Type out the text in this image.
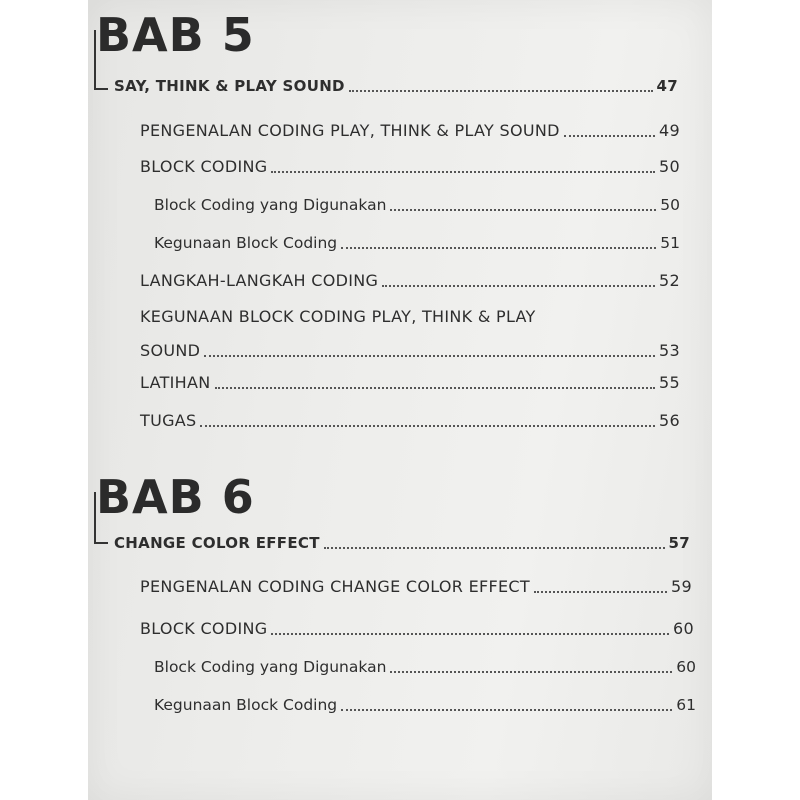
BAB 5
SAY, THINK & PLAY SOUND	47
PENGENALAN CODING PLAY, THINK & PLAY SOUND	49
BLOCK CODING	50
Block Coding yang Digunakan	50
Kegunaan Block Coding	51
LANGKAH-LANGKAH CODING	52
KEGUNAAN BLOCK CODING PLAY, THINK & PLAY
SOUND	53
LATIHAN	55
TUGAS	56
BAB 6
CHANGE COLOR EFFECT	57
PENGENALAN CODING CHANGE COLOR EFFECT	59
BLOCK CODING	60
Block Coding yang Digunakan	60
Kegunaan Block Coding	61
